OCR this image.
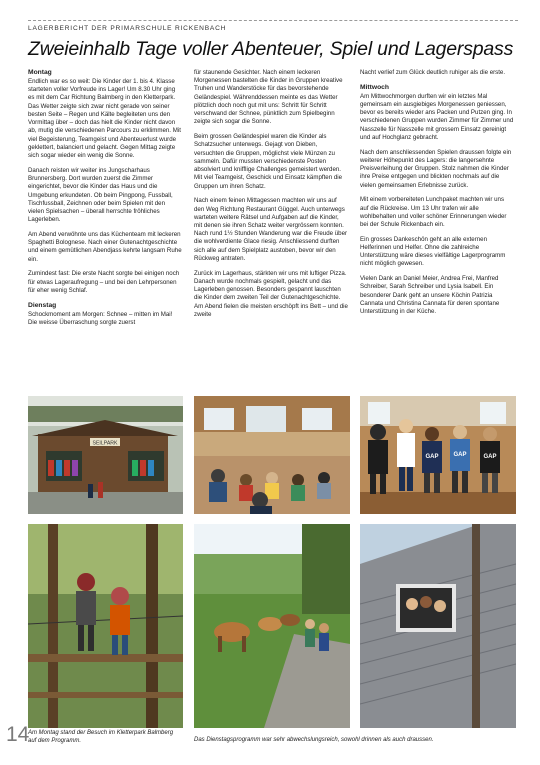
LAGERBERICHT DER PRIMARSCHULE RICKENBACH
Zweieinhalb Tage voller Abenteuer, Spiel und Lagerspass
Montag

Endlich war es so weit: Die Kinder der 1. bis 4. Klasse starteten voller Vorfreude ins Lager! Um 8.30 Uhr ging es mit dem Car Richtung Balmberg in den Kletterpark. Das Wetter zeigte sich zwar nicht gerade von seiner besten Seite – Regen und Kälte begleiteten uns den Vormittag über – doch das hielt die Kinder nicht davon ab, mutig die verschiedenen Parcours zu erklimmen. Mit viel Begeisterung, Teamgeist und Abenteuerlust wurde geklettert, balanciert und gelacht. Gegen Mittag zeigte sich sogar wieder ein wenig die Sonne.

Danach reisten wir weiter ins Jungscharhaus Brunnersberg. Dort wurden zuerst die Zimmer eingerichtet, bevor die Kinder das Haus und die Umgebung erkundeten. Ob beim Pingpong, Fussball, Tischfussball, Zeichnen oder beim Spielen mit den vielen Spielsachen – überall herrschte fröhliches Lagerleben.

Am Abend verwöhnte uns das Küchenteam mit leckeren Spaghetti Bolognese. Nach einer Gutenachtgeschichte und einem gemütlichen Abendjass kehrte langsam Ruhe ein.

Zumindest fast: Die erste Nacht sorgte bei einigen noch für etwas Lageraufregung – und bei den Lehrpersonen für eher wenig Schlaf.

Dienstag

Schockmoment am Morgen: Schnee – mitten im Mai! Die weisse Überraschung sorgte zuerst

für staunende Gesichter. Nach einem leckeren Morgenessen bastelten die Kinder in Gruppen kreative Truhen und Wanderstöcke für das bevorstehende Geländespiel. Währenddessen meinte es das Wetter plötzlich doch noch gut mit uns: Schritt für Schritt verschwand der Schnee, pünktlich zum Spielbeginn zeigte sich sogar die Sonne.

Beim grossen Geländespiel waren die Kinder als Schatzsucher unterwegs. Gejagt von Dieben, versuchten die Gruppen, möglichst viele Münzen zu sammeln. Dafür mussten verschiedenste Posten absolviert und knifflige Challenges gemeistert werden. Mit viel Teamgeist, Geschick und Einsatz kämpften die Gruppen um ihren Schatz.

Nach einem feinen Mittagessen machten wir uns auf den Weg Richtung Restaurant Güggel. Auch unterwegs warteten weitere Rätsel und Aufgaben auf die Kinder, mit denen sie ihren Schatz weiter vergrössern konnten. Nach rund 1½ Stunden Wanderung war die Freude über die wohlverdiente Glace riesig. Anschliessend durften sich alle auf dem Spielplatz austoben, bevor wir den Rückweg antraten.

Zurück im Lagerhaus, stärkten wir uns mit luftiger Pizza. Danach wurde nochmals gespielt, gelacht und das Lagerleben genossen. Besonders gespannt lauschten die Kinder dem zweiten Teil der Gutenachtgeschichte. Am Abend fielen die meisten erschöpft ins Bett – und die zweite

Nacht verlief zum Glück deutlich ruhiger als die erste.

Mittwoch

Am Mittwochmorgen durften wir ein letztes Mal gemeinsam ein ausgiebiges Morgenessen geniessen, bevor es bereits wieder ans Packen und Putzen ging. In verschiedenen Gruppen wurden Zimmer für Zimmer und Nasszelle für Nasszelle mit grossem Einsatz gereinigt und auf Hochglanz gebracht.

Nach dem anschliessenden Spielen draussen folgte ein weiterer Höhepunkt des Lagers: die langersehnte Preisverleihung der Gruppen. Stolz nahmen die Kinder ihre Preise entgegen und blickten nochmals auf die vielen gemeinsamen Erlebnisse zurück.

Mit einem vorbereiteten Lunchpaket machten wir uns auf die Rückreise. Um 13 Uhr trafen wir alle wohlbehalten und voller schöner Erinnerungen wieder bei der Schule Rickenbach ein.

Ein grosses Dankeschön geht an alle externen Helferinnen und Helfer. Ohne die zahlreiche Unterstützung wäre dieses vielfältige Lagerprogramm nicht möglich gewesen.

Vielen Dank an Daniel Meier, Andrea Frei, Manfred Schreiber, Sarah Schreiber und Lysia Isabell. Ein besonderer Dank geht an unsere Köchin Patrizia Cannata und Christina Cannata für deren spontane Unterstützung in der Küche.

SEILPARK
GAP GAP	GAP
14
Am Montag stand der Besuch im Kletterpark Balmberg auf dem Programm.	Das Dienstagsprogramm war sehr abwechslungsreich, sowohl drinnen als auch draussen.
